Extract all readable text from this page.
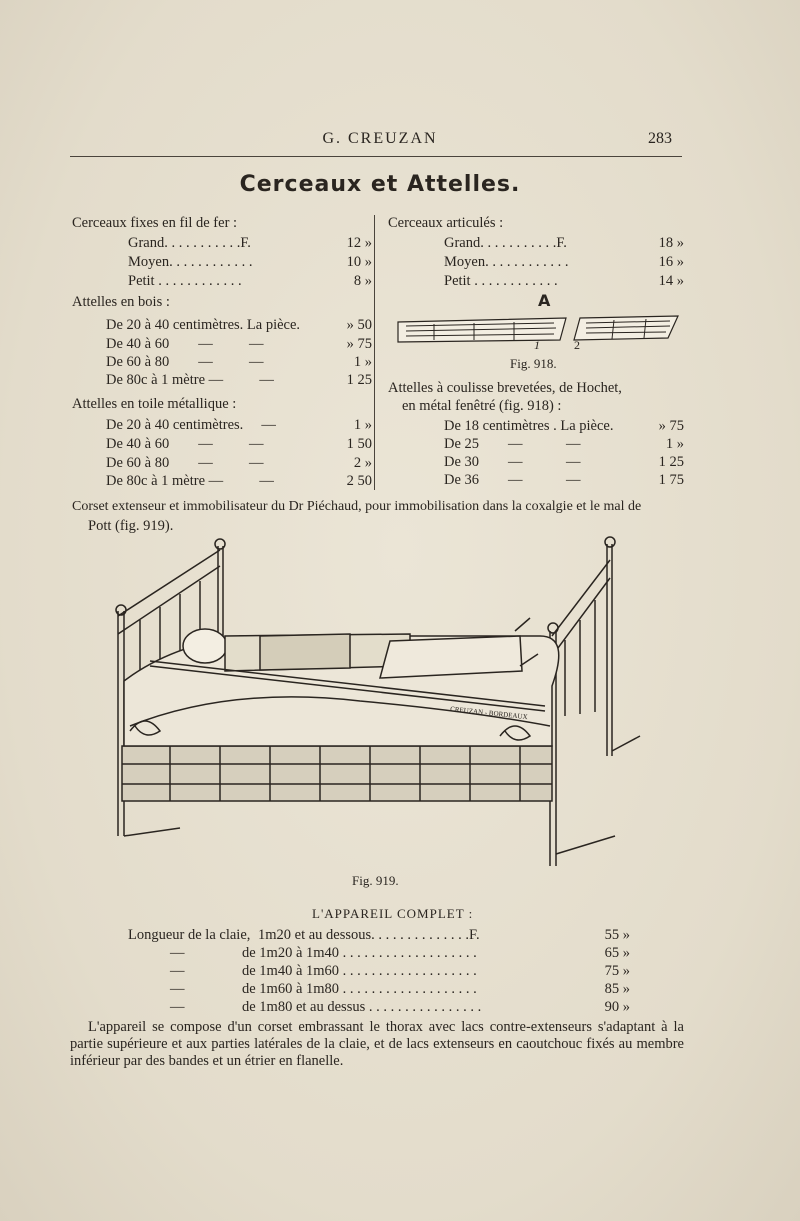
G. CREUZAN	283
Cerceaux et Attelles.
Cerceaux fixes en fil de fer :
Grand. . . . . . . . . . .F.	12 »
Moyen. . . . . . . . . . . .	10 »
Petit . . . . . . . . . . . .	8 »
Attelles en bois :
De 20 à 40 centimètres. La pièce.	» 50
De 40 à 60        —          —	» 75
De 60 à 80        —          —	1 »
De 80c à 1 mètre —          —	1 25
Attelles en toile métallique :
De 20 à 40 centimètres.     —	1 »
De 40 à 60        —          —	1 50
De 60 à 80        —          —	2 »
De 80c à 1 mètre —          —	2 50
Cerceaux articulés :
Grand. . . . . . . . . . .F.	18 »
Moyen. . . . . . . . . . . .	16 »
Petit . . . . . . . . . . . .	14 »
A
1	2
Fig. 918.
Attelles à coulisse brevetées, de Hochet,
en métal fenêtré (fig. 918) :
De 18 centimètres . La pièce.	» 75
De 25        —            —	1 »
De 30        —            —	1 25
De 36        —            —	1 75
Corset extenseur et immobilisateur du Dr Piéchaud, pour immobilisation dans la coxalgie et le mal de
Pott (fig. 919).
CREUZAN - BORDEAUX
Fig. 919.
L'APPAREIL COMPLET :
Longueur de la claie, 1m20 et au dessous. . . . . . . . . . . . . .F.	55 »
—	de 1m20 à 1m40 . . . . . . . . . . . . . . . . . . .	65 »
—	de 1m40 à 1m60 . . . . . . . . . . . . . . . . . . .	75 »
—	de 1m60 à 1m80 . . . . . . . . . . . . . . . . . . .	85 »
—	de 1m80 et au dessus . . . . . . . . . . . . . . . .	90 »
L'appareil se compose d'un corset embrassant le thorax avec lacs contre-extenseurs s'adaptant à la partie supérieure et aux parties latérales de la claie, et de lacs extenseurs en caoutchouc fixés au membre inférieur par des bandes et un étrier en flanelle.
